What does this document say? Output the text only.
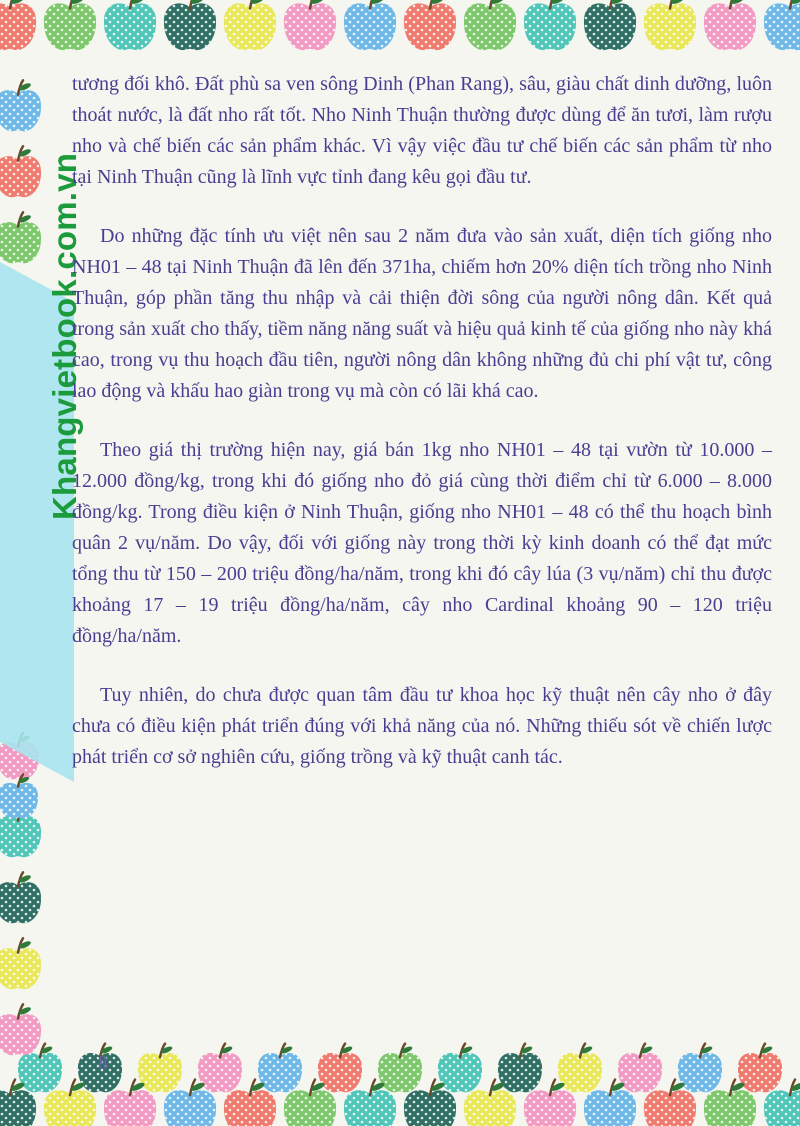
Khangvietbook.com.vn

tương đối khô. Đất phù sa ven sông Dinh (Phan Rang), sâu, giàu chất dinh dưỡng, luôn thoát nước, là đất nho rất tốt. Nho Ninh Thuận thường được dùng để ăn tươi, làm rượu nho và chế biến các sản phẩm khác. Vì vậy việc đầu tư chế biến các sản phẩm từ nho tại Ninh Thuận cũng là lĩnh vực tỉnh đang kêu gọi đầu tư.

Do những đặc tính ưu việt nên sau 2 năm đưa vào sản xuất, diện tích giống nho NH01 – 48 tại Ninh Thuận đã lên đến 371ha, chiếm hơn 20% diện tích trồng nho Ninh Thuận, góp phần tăng thu nhập và cải thiện đời sông của người nông dân. Kết quả trong sản xuất cho thấy, tiềm năng năng suất và hiệu quả kinh tế của giống nho này khá cao, trong vụ thu hoạch đầu tiên, người nông dân không những đủ chi phí vật tư, công lao động và khấu hao giàn trong vụ mà còn có lãi khá cao.

Theo giá thị trường hiện nay, giá bán 1kg nho NH01 – 48 tại vườn từ 10.000 – 12.000 đồng/kg, trong khi đó giống nho đỏ giá cùng thời điểm chỉ từ 6.000 – 8.000 đồng/kg. Trong điều kiện ở Ninh Thuận, giống nho NH01 – 48 có thể thu hoạch bình quân 2 vụ/năm. Do vậy, đối với giống này trong thời kỳ kinh doanh có thể đạt mức tổng thu từ 150 – 200 triệu đồng/ha/năm, trong khi đó cây lúa (3 vụ/năm) chỉ thu được khoảng 17 – 19 triệu đồng/ha/năm, cây nho Cardinal khoảng 90 – 120 triệu đồng/ha/năm.

Tuy nhiên, do chưa được quan tâm đầu tư khoa học kỹ thuật nên cây nho ở đây chưa có điều kiện phát triển đúng với khả năng của nó. Những thiếu sót về chiến lược phát triển cơ sở nghiên cứu, giống trồng và kỹ thuật canh tác.

8
